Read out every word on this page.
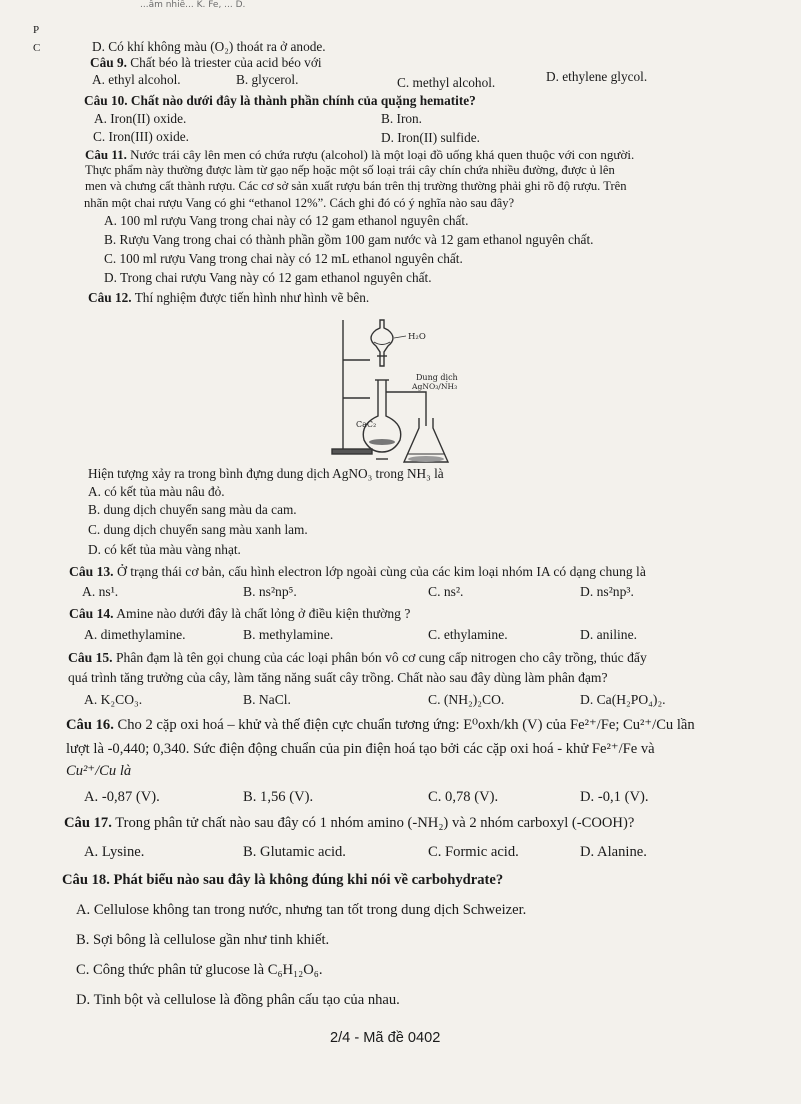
...âm nhiê... K. Fe, ... D.
P
C	D. Có khí không màu (O₂) thoát ra ở anode.
Câu 9. Chất béo là triester của acid béo với
A. ethyl alcohol.	B. glycerol.	C. methyl alcohol.	D. ethylene glycol.
Câu 10. Chất nào dưới đây là thành phần chính của quặng hematite?
A. Iron(II) oxide.	B. Iron.
C. Iron(III) oxide.	D. Iron(II) sulfide.
Câu 11. Nước trái cây lên men có chứa rượu (alcohol) là một loại đồ uống khá quen thuộc với con người.
Thực phẩm này thường được làm từ gạo nếp hoặc một số loại trái cây chín chứa nhiều đường, được ủ lên
men và chưng cất thành rượu. Các cơ sở sản xuất rượu bán trên thị trường thường phải ghi rõ độ rượu. Trên
nhãn một chai rượu Vang có ghi “ethanol 12%”. Cách ghi đó có ý nghĩa nào sau đây?
A. 100 ml rượu Vang trong chai này có 12 gam ethanol nguyên chất.
B. Rượu Vang trong chai có thành phần gồm 100 gam nước và 12 gam ethanol nguyên chất.
C. 100 ml rượu Vang trong chai này có 12 mL ethanol nguyên chất.
D. Trong chai rượu Vang này có 12 gam ethanol nguyên chất.
Câu 12. Thí nghiệm được tiến hình như hình vẽ bên.
H₂O
Dung dịch
AgNO₃/NH₃
CaC₂
Hiện tượng xảy ra trong bình đựng dung dịch AgNO₃ trong NH₃ là
A. có kết tủa màu nâu đỏ.
B. dung dịch chuyển sang màu da cam.
C. dung dịch chuyển sang màu xanh lam.
D. có kết tủa màu vàng nhạt.
Câu 13. Ở trạng thái cơ bản, cấu hình electron lớp ngoài cùng của các kim loại nhóm IA có dạng chung là
A. ns¹.	B. ns²np⁵.	C. ns².	D. ns²np³.
Câu 14. Amine nào dưới đây là chất lỏng ở điều kiện thường ?
A. dimethylamine.	B. methylamine.	C. ethylamine.	D. aniline.
Câu 15. Phân đạm là tên gọi chung của các loại phân bón vô cơ cung cấp nitrogen cho cây trồng, thúc đẩy
quá trình tăng trưởng của cây, làm tăng năng suất cây trồng. Chất nào sau đây dùng làm phân đạm?
A. K₂CO₃.	B. NaCl.	C. (NH₂)₂CO.	D. Ca(H₂PO₄)₂.
Câu 16. Cho 2 cặp oxi hoá – khử và thế điện cực chuẩn tương ứng: E⁰oxh/kh (V) của Fe²⁺/Fe; Cu²⁺/Cu lần
lượt là -0,440; 0,340. Sức điện động chuẩn của pin điện hoá tạo bởi các cặp oxi hoá - khử Fe²⁺/Fe và
Cu²⁺/Cu là
A. -0,87 (V).	B. 1,56 (V).	C. 0,78 (V).	D. -0,1 (V).
Câu 17. Trong phân tử chất nào sau đây có 1 nhóm amino (-NH₂) và 2 nhóm carboxyl (-COOH)?
A. Lysine.	B. Glutamic acid.	C. Formic acid.	D. Alanine.
Câu 18. Phát biểu nào sau đây là không đúng khi nói về carbohydrate?
A. Cellulose không tan trong nước, nhưng tan tốt trong dung dịch Schweizer.
B. Sợi bông là cellulose gần như tinh khiết.
C. Công thức phân tử glucose là C₆H₁₂O₆.
D. Tinh bột và cellulose là đồng phân cấu tạo của nhau.
2/4 - Mã đề 0402
